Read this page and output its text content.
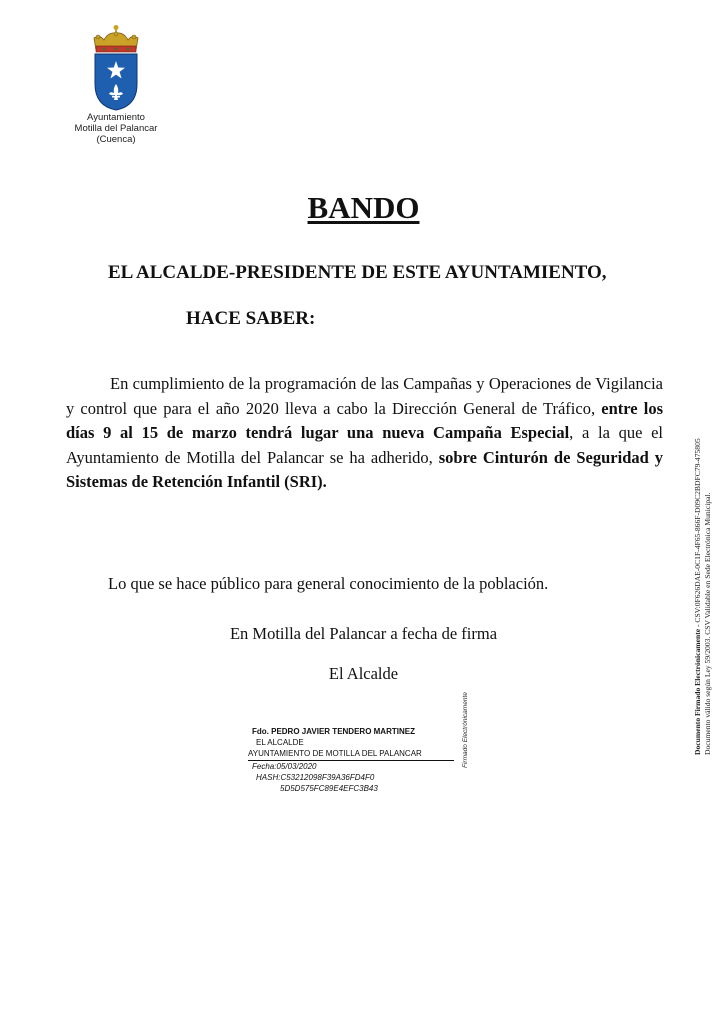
Ayuntamiento
Motilla del Palancar
(Cuenca)
BANDO
EL ALCALDE-PRESIDENTE DE ESTE AYUNTAMIENTO,
HACE SABER:
En cumplimiento de la programación de las Campañas y Operaciones de Vigilancia y control que para el año 2020 lleva a cabo la Dirección General de Tráfico, entre los días 9 al 15 de marzo tendrá lugar una nueva Campaña Especial, a la que el Ayuntamiento de Motilla del Palancar se ha adherido, sobre Cinturón de Seguridad y Sistemas de Retención Infantil (SRI).
Lo que se hace público para general conocimiento de la población.
En Motilla del Palancar a fecha de firma
El Alcalde
Fdo. PEDRO JAVIER TENDERO MARTINEZ
EL ALCALDE
AYUNTAMIENTO DE MOTILLA DEL PALANCAR
Fecha:05/03/2020
HASH:C53212098F39A36FD4F0
5D5D575FC89E4EFC3B43
Firmado Electrónicamente	Documento Firmado Electrónicamente - CSV:0F626DAE-0C1F-4F65-866F-D09C2BDFC79-475805 Documento válido según Ley 59/2003. CSV Validable en Sede Electrónica Municipal.
